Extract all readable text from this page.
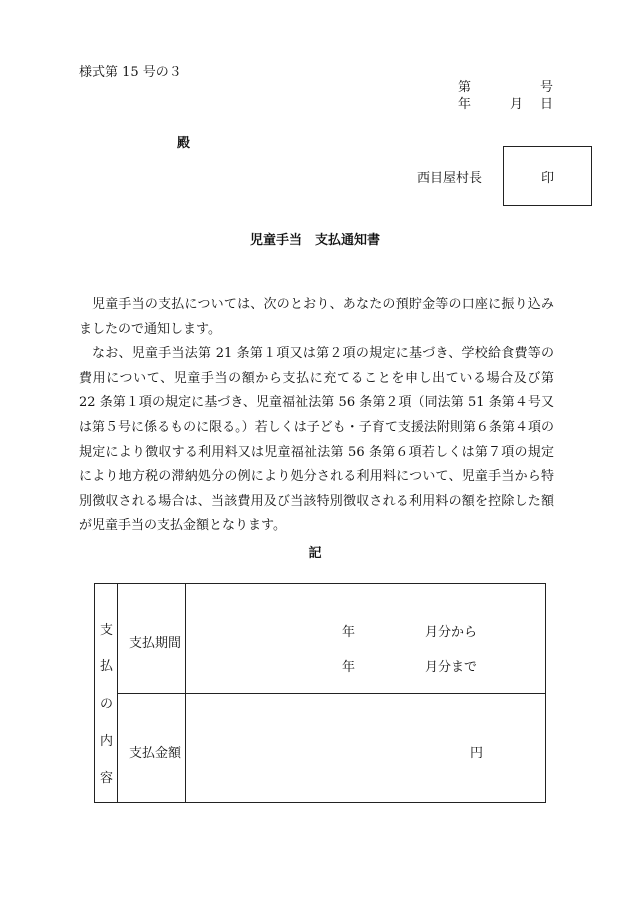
様式第 15 号の３
第	号
年	月 日
殿
西目屋村長	印
児童手当　支払通知書

児童手当の支払については、次のとおり、あなたの預貯金等の口座に振り込みましたので通知します。

なお、児童手当法第 21 条第１項又は第２項の規定に基づき、学校給食費等の費用について、児童手当の額から支払に充てることを申し出ている場合及び第 22 条第１項の規定に基づき、児童福祉法第 56 条第２項（同法第 51 条第４号又は第５号に係るものに限る。）若しくは子ども・子育て支援法附則第６条第４項の規定により徴収する利用料又は児童福祉法第 56 条第６項若しくは第７項の規定により地方税の滞納処分の例により処分される利用料について、児童手当から特別徴収される場合は、当該費用及び当該特別徴収される利用料の額を控除した額が児童手当の支払金額となります。

記
支
払
の
内
容
支払期間
年	月分から
年	月分まで
支払金額	円
